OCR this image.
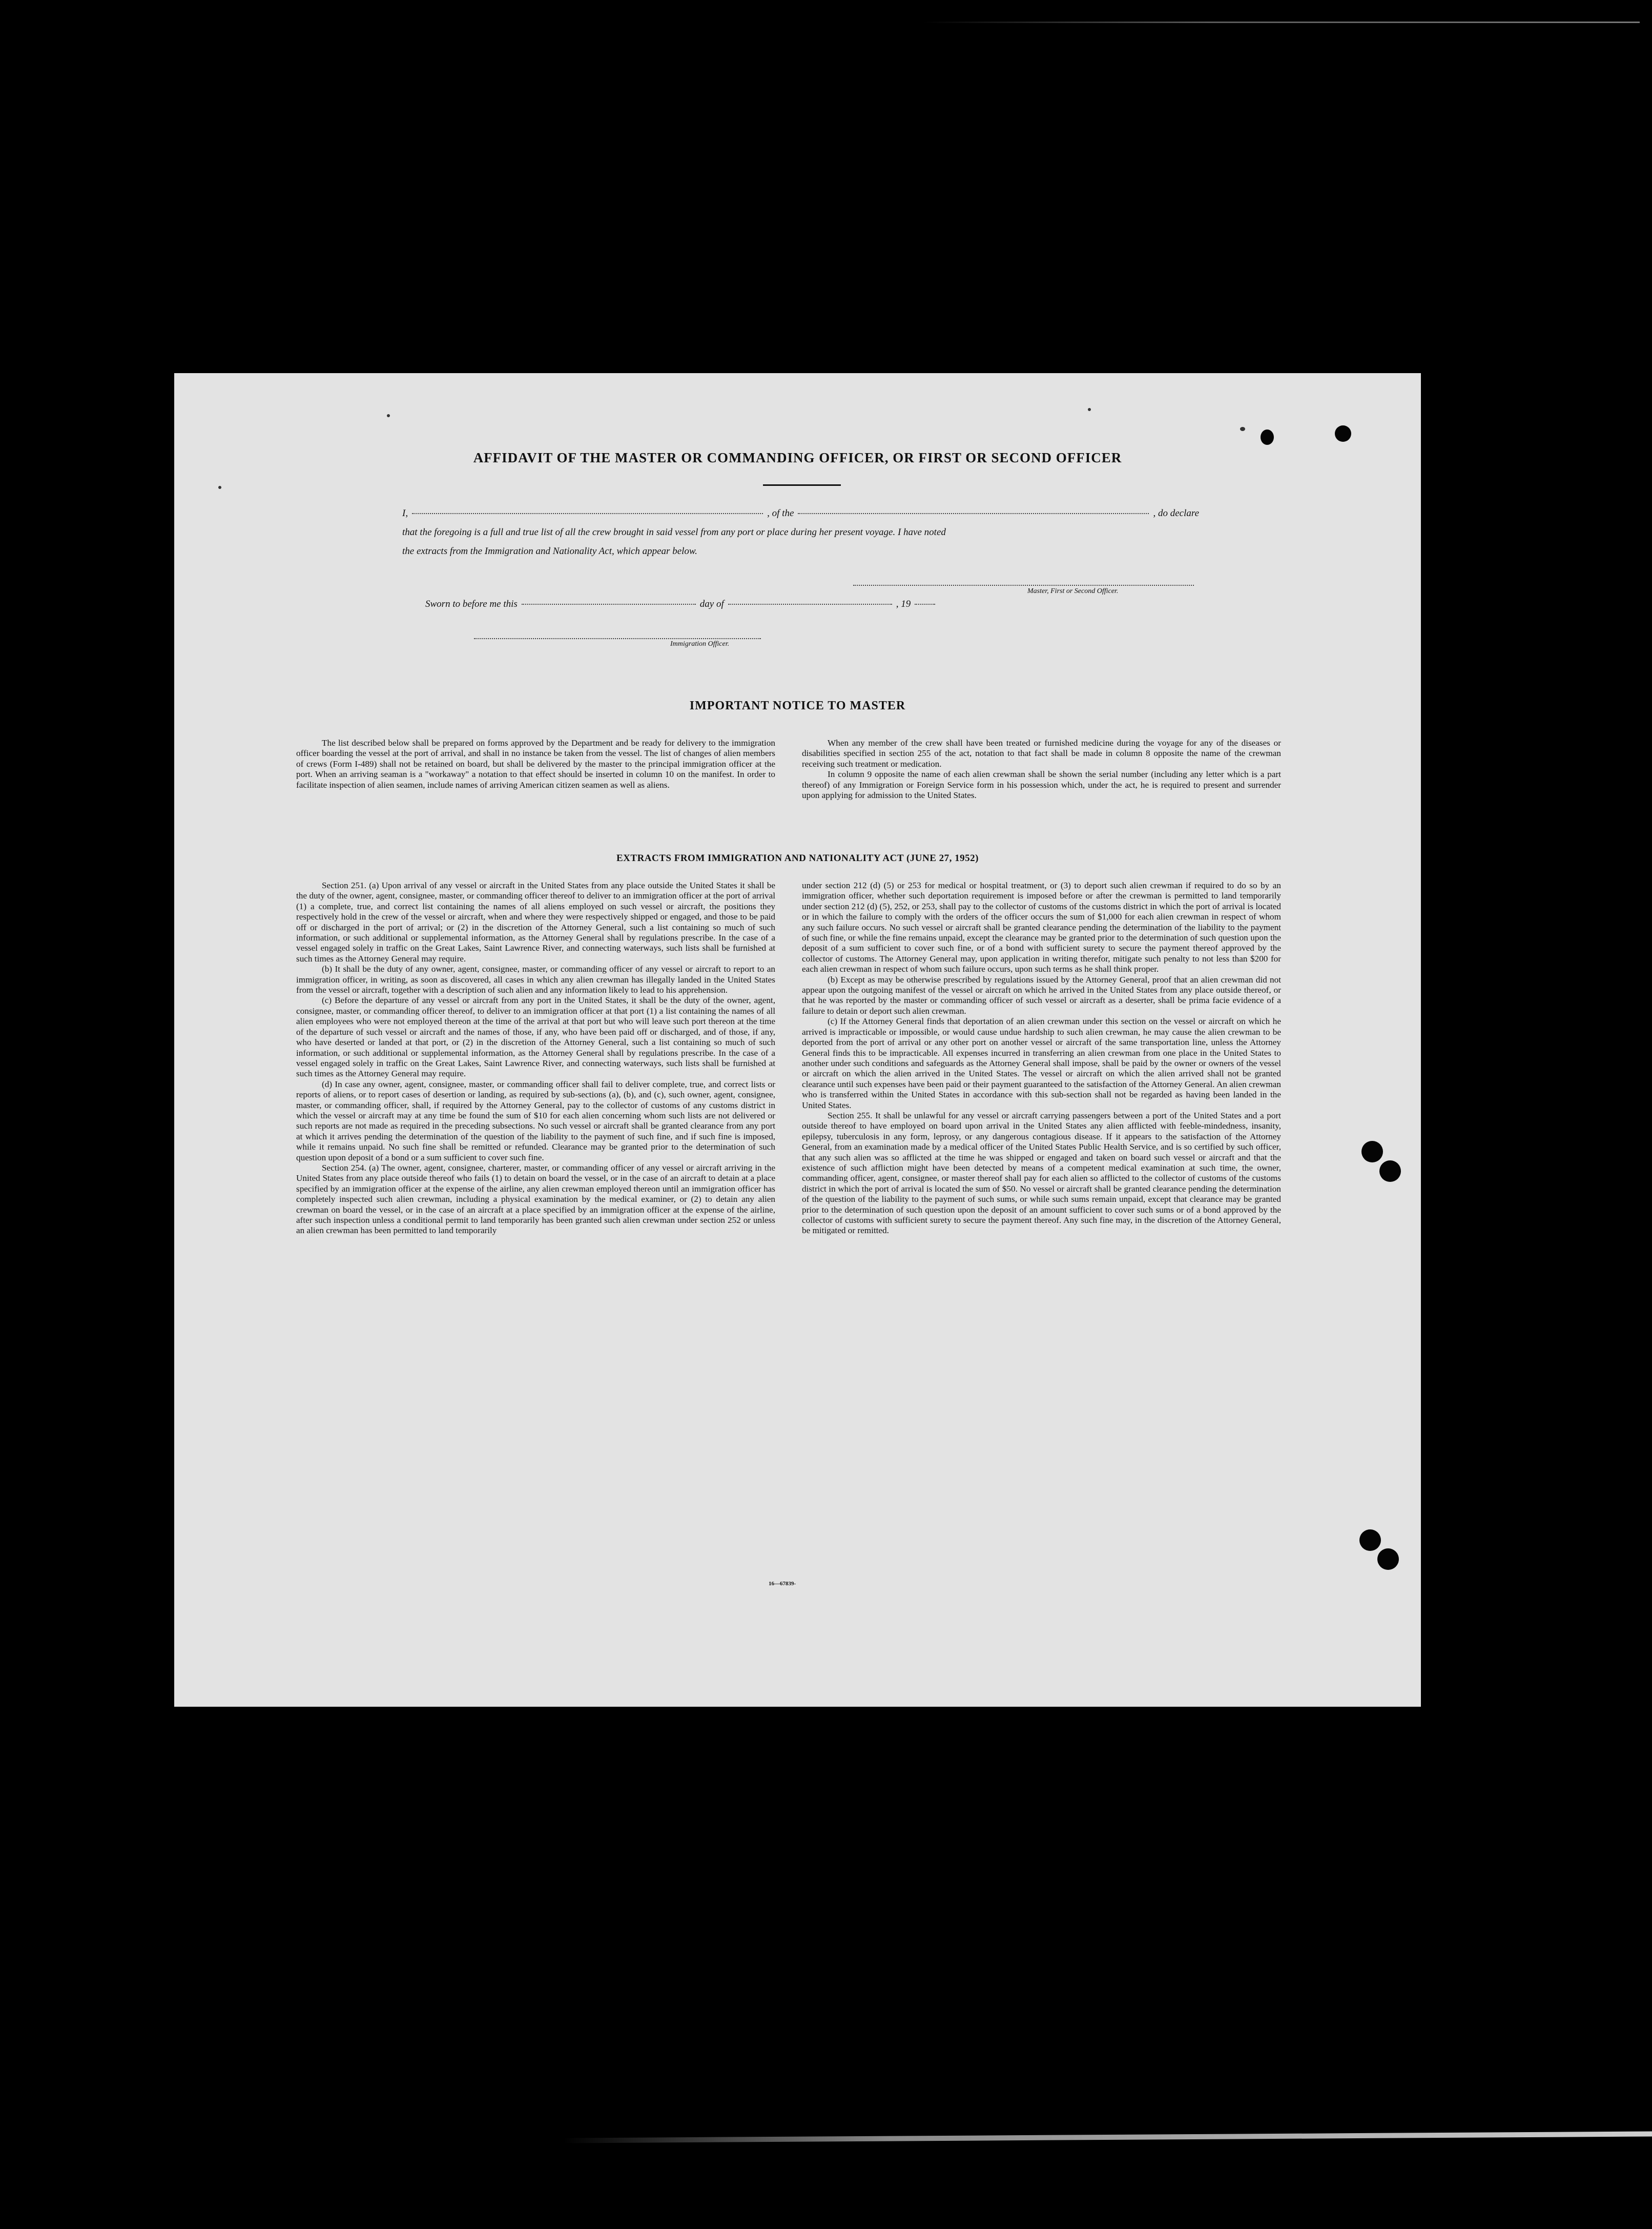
AFFIDAVIT OF THE MASTER OR COMMANDING OFFICER, OR FIRST OR SECOND OFFICER
I,	, of the	, do declare
that the foregoing is a full and true list of all the crew brought in said vessel from any port or place during her present voyage. I have noted
the extracts from the Immigration and Nationality Act, which appear below.
Master, First or Second Officer.
Sworn to before me this	day of	, 19
Immigration Officer.
IMPORTANT NOTICE TO MASTER

The list described below shall be prepared on forms approved by the Department and be ready for delivery to the immigration officer boarding the vessel at the port of arrival, and shall in no instance be taken from the vessel. The list of changes of alien members of crews (Form I-489) shall not be retained on board, but shall be delivered by the master to the principal immigration officer at the port. When an arriving seaman is a "workaway" a notation to that effect should be inserted in column 10 on the manifest. In order to facilitate inspection of alien seamen, include names of arriving American citizen seamen as well as aliens.

When any member of the crew shall have been treated or furnished medicine during the voyage for any of the diseases or disabilities specified in section 255 of the act, notation to that fact shall be made in column 8 opposite the name of the crewman receiving such treatment or medication.

In column 9 opposite the name of each alien crewman shall be shown the serial number (including any letter which is a part thereof) of any Immigration or Foreign Service form in his possession which, under the act, he is required to present and surrender upon applying for admission to the United States.

EXTRACTS FROM IMMIGRATION AND NATIONALITY ACT (JUNE 27, 1952)

Section 251. (a) Upon arrival of any vessel or aircraft in the United States from any place outside the United States it shall be the duty of the owner, agent, consignee, master, or commanding officer thereof to deliver to an immigration officer at the port of arrival (1) a complete, true, and correct list containing the names of all aliens employed on such vessel or aircraft, the positions they respectively hold in the crew of the vessel or aircraft, when and where they were respectively shipped or engaged, and those to be paid off or discharged in the port of arrival; or (2) in the discretion of the Attorney General, such a list containing so much of such information, or such additional or supplemental information, as the Attorney General shall by regulations prescribe. In the case of a vessel engaged solely in traffic on the Great Lakes, Saint Lawrence River, and connecting waterways, such lists shall be furnished at such times as the Attorney General may require.

(b) It shall be the duty of any owner, agent, consignee, master, or commanding officer of any vessel or aircraft to report to an immigration officer, in writing, as soon as discovered, all cases in which any alien crewman has illegally landed in the United States from the vessel or aircraft, together with a description of such alien and any information likely to lead to his apprehension.

(c) Before the departure of any vessel or aircraft from any port in the United States, it shall be the duty of the owner, agent, consignee, master, or commanding officer thereof, to deliver to an immigration officer at that port (1) a list containing the names of all alien employees who were not employed thereon at the time of the arrival at that port but who will leave such port thereon at the time of the departure of such vessel or aircraft and the names of those, if any, who have been paid off or discharged, and of those, if any, who have deserted or landed at that port, or (2) in the discretion of the Attorney General, such a list containing so much of such information, or such additional or supplemental information, as the Attorney General shall by regulations prescribe. In the case of a vessel engaged solely in traffic on the Great Lakes, Saint Lawrence River, and connecting waterways, such lists shall be furnished at such times as the Attorney General may require.

(d) In case any owner, agent, consignee, master, or commanding officer shall fail to deliver complete, true, and correct lists or reports of aliens, or to report cases of desertion or landing, as required by sub-sections (a), (b), and (c), such owner, agent, consignee, master, or commanding officer, shall, if required by the Attorney General, pay to the collector of customs of any customs district in which the vessel or aircraft may at any time be found the sum of $10 for each alien concerning whom such lists are not delivered or such reports are not made as required in the preceding subsections. No such vessel or aircraft shall be granted clearance from any port at which it arrives pending the determination of the question of the liability to the payment of such fine, and if such fine is imposed, while it remains unpaid. No such fine shall be remitted or refunded. Clearance may be granted prior to the determination of such question upon deposit of a bond or a sum sufficient to cover such fine.

Section 254. (a) The owner, agent, consignee, charterer, master, or commanding officer of any vessel or aircraft arriving in the United States from any place outside thereof who fails (1) to detain on board the vessel, or in the case of an aircraft to detain at a place specified by an immigration officer at the expense of the airline, any alien crewman employed thereon until an immigration officer has completely inspected such alien crewman, including a physical examination by the medical examiner, or (2) to detain any alien crewman on board the vessel, or in the case of an aircraft at a place specified by an immigration officer at the expense of the airline, after such inspection unless a conditional permit to land temporarily has been granted such alien crewman under section 252 or unless an alien crewman has been permitted to land temporarily

under section 212 (d) (5) or 253 for medical or hospital treatment, or (3) to deport such alien crewman if required to do so by an immigration officer, whether such deportation requirement is imposed before or after the crewman is permitted to land temporarily under section 212 (d) (5), 252, or 253, shall pay to the collector of customs of the customs district in which the port of arrival is located or in which the failure to comply with the orders of the officer occurs the sum of $1,000 for each alien crewman in respect of whom any such failure occurs. No such vessel or aircraft shall be granted clearance pending the determination of the liability to the payment of such fine, or while the fine remains unpaid, except the clearance may be granted prior to the determination of such question upon the deposit of a sum sufficient to cover such fine, or of a bond with sufficient surety to secure the payment thereof approved by the collector of customs. The Attorney General may, upon application in writing therefor, mitigate such penalty to not less than $200 for each alien crewman in respect of whom such failure occurs, upon such terms as he shall think proper.

(b) Except as may be otherwise prescribed by regulations issued by the Attorney General, proof that an alien crewman did not appear upon the outgoing manifest of the vessel or aircraft on which he arrived in the United States from any place outside thereof, or that he was reported by the master or commanding officer of such vessel or aircraft as a deserter, shall be prima facie evidence of a failure to detain or deport such alien crewman.

(c) If the Attorney General finds that deportation of an alien crewman under this section on the vessel or aircraft on which he arrived is impracticable or impossible, or would cause undue hardship to such alien crewman, he may cause the alien crewman to be deported from the port of arrival or any other port on another vessel or aircraft of the same transportation line, unless the Attorney General finds this to be impracticable. All expenses incurred in transferring an alien crewman from one place in the United States to another under such conditions and safeguards as the Attorney General shall impose, shall be paid by the owner or owners of the vessel or aircraft on which the alien arrived in the United States. The vessel or aircraft on which the alien arrived shall not be granted clearance until such expenses have been paid or their payment guaranteed to the satisfaction of the Attorney General. An alien crewman who is transferred within the United States in accordance with this sub-section shall not be regarded as having been landed in the United States.

Section 255. It shall be unlawful for any vessel or aircraft carrying passengers between a port of the United States and a port outside thereof to have employed on board upon arrival in the United States any alien afflicted with feeble-mindedness, insanity, epilepsy, tuberculosis in any form, leprosy, or any dangerous contagious disease. If it appears to the satisfaction of the Attorney General, from an examination made by a medical officer of the United States Public Health Service, and is so certified by such officer, that any such alien was so afflicted at the time he was shipped or engaged and taken on board such vessel or aircraft and that the existence of such affliction might have been detected by means of a competent medical examination at such time, the owner, commanding officer, agent, consignee, or master thereof shall pay for each alien so afflicted to the collector of customs of the customs district in which the port of arrival is located the sum of $50. No vessel or aircraft shall be granted clearance pending the determination of the question of the liability to the payment of such sums, or while such sums remain unpaid, except that clearance may be granted prior to the determination of such question upon the deposit of an amount sufficient to cover such sums or of a bond approved by the collector of customs with sufficient surety to secure the payment thereof. Any such fine may, in the discretion of the Attorney General, be mitigated or remitted.

16—67839-
